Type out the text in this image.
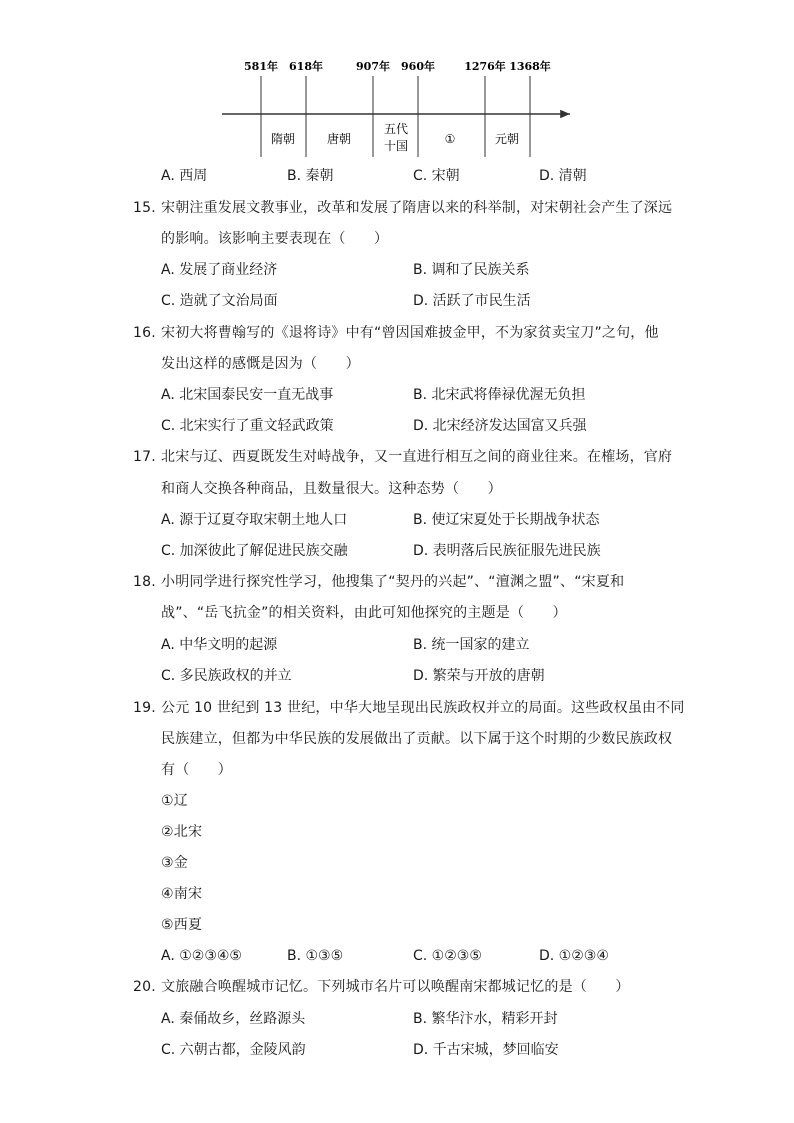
581年 618年	907年 960年	1276年 1368年
隋朝	唐朝
五代
十国	①	元朝
A. 西周	B. 秦朝	C. 宋朝	D. 清朝
15. 宋朝注重发展文教事业，改革和发展了隋唐以来的科举制，对宋朝社会产生了深远
的影响。该影响主要表现在（　　）
A. 发展了商业经济	B. 调和了民族关系
C. 造就了文治局面	D. 活跃了市民生活
16. 宋初大将曹翰写的《退将诗》中有“曾因国难披金甲，不为家贫卖宝刀”之句，他
发出这样的感慨是因为（　　）
A. 北宋国泰民安一直无战事	B. 北宋武将俸禄优渥无负担
C. 北宋实行了重文轻武政策	D. 北宋经济发达国富又兵强
17. 北宋与辽、西夏既发生对峙战争，又一直进行相互之间的商业往来。在榷场，官府
和商人交换各种商品，且数量很大。这种态势（　　）
A. 源于辽夏夺取宋朝土地人口	B. 使辽宋夏处于长期战争状态
C. 加深彼此了解促进民族交融	D. 表明落后民族征服先进民族
18. 小明同学进行探究性学习，他搜集了“契丹的兴起”、“澶渊之盟”、“宋夏和
战”、“岳飞抗金”的相关资料，由此可知他探究的主题是（　　）
A. 中华文明的起源	B. 统一国家的建立
C. 多民族政权的并立	D. 繁荣与开放的唐朝
19. 公元 10 世纪到 13 世纪，中华大地呈现出民族政权并立的局面。这些政权虽由不同
民族建立，但都为中华民族的发展做出了贡献。以下属于这个时期的少数民族政权
有（　　）
①辽
②北宋
③金
④南宋
⑤西夏
A. ①②③④⑤	B. ①③⑤	C. ①②③⑤	D. ①②③④
20. 文旅融合唤醒城市记忆。下列城市名片可以唤醒南宋都城记忆的是（　　）
A. 秦俑故乡，丝路源头	B. 繁华汴水，精彩开封
C. 六朝古都，金陵风韵	D. 千古宋城，梦回临安
